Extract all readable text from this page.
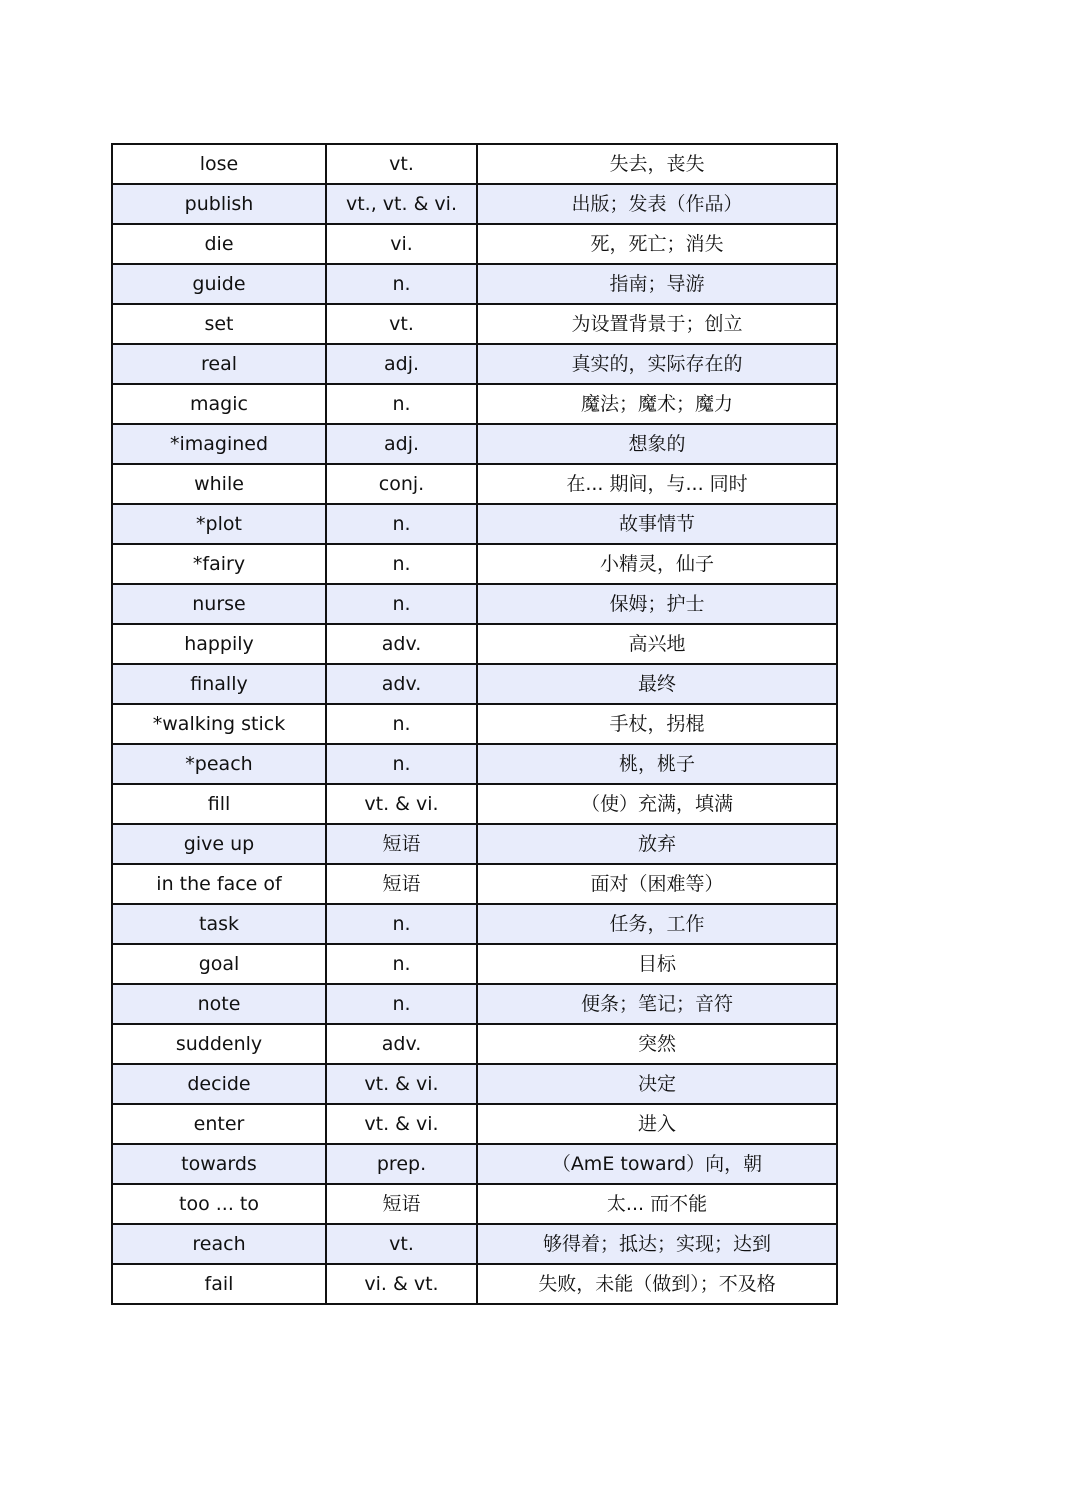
lose	vt.	失去，丧失
publish	vt., vt. & vi.	出版；发表（作品）
die	vi.	死，死亡；消失
guide	n.	指南；导游
set	vt.	为设置背景于；创立
real	adj.	真实的，实际存在的
magic	n.	魔法；魔术；魔力
*imagined	adj.	想象的
while	conj.	在... 期间，与... 同时
*plot	n.	故事情节
*fairy	n.	小精灵，仙子
nurse	n.	保姆；护士
happily	adv.	高兴地
finally	adv.	最终
*walking stick	n.	手杖，拐棍
*peach	n.	桃，桃子
fill	vt. & vi.	（使）充满，填满
give up	短语	放弃
in the face of	短语	面对（困难等）
task	n.	任务，工作
goal	n.	目标
note	n.	便条；笔记；音符
suddenly	adv.	突然
decide	vt. & vi.	决定
enter	vt. & vi.	进入
towards	prep.	（AmE toward）向，朝
too ... to	短语	太... 而不能
reach	vt.	够得着；抵达；实现；达到
fail	vi. & vt.	失败，未能（做到）；不及格
